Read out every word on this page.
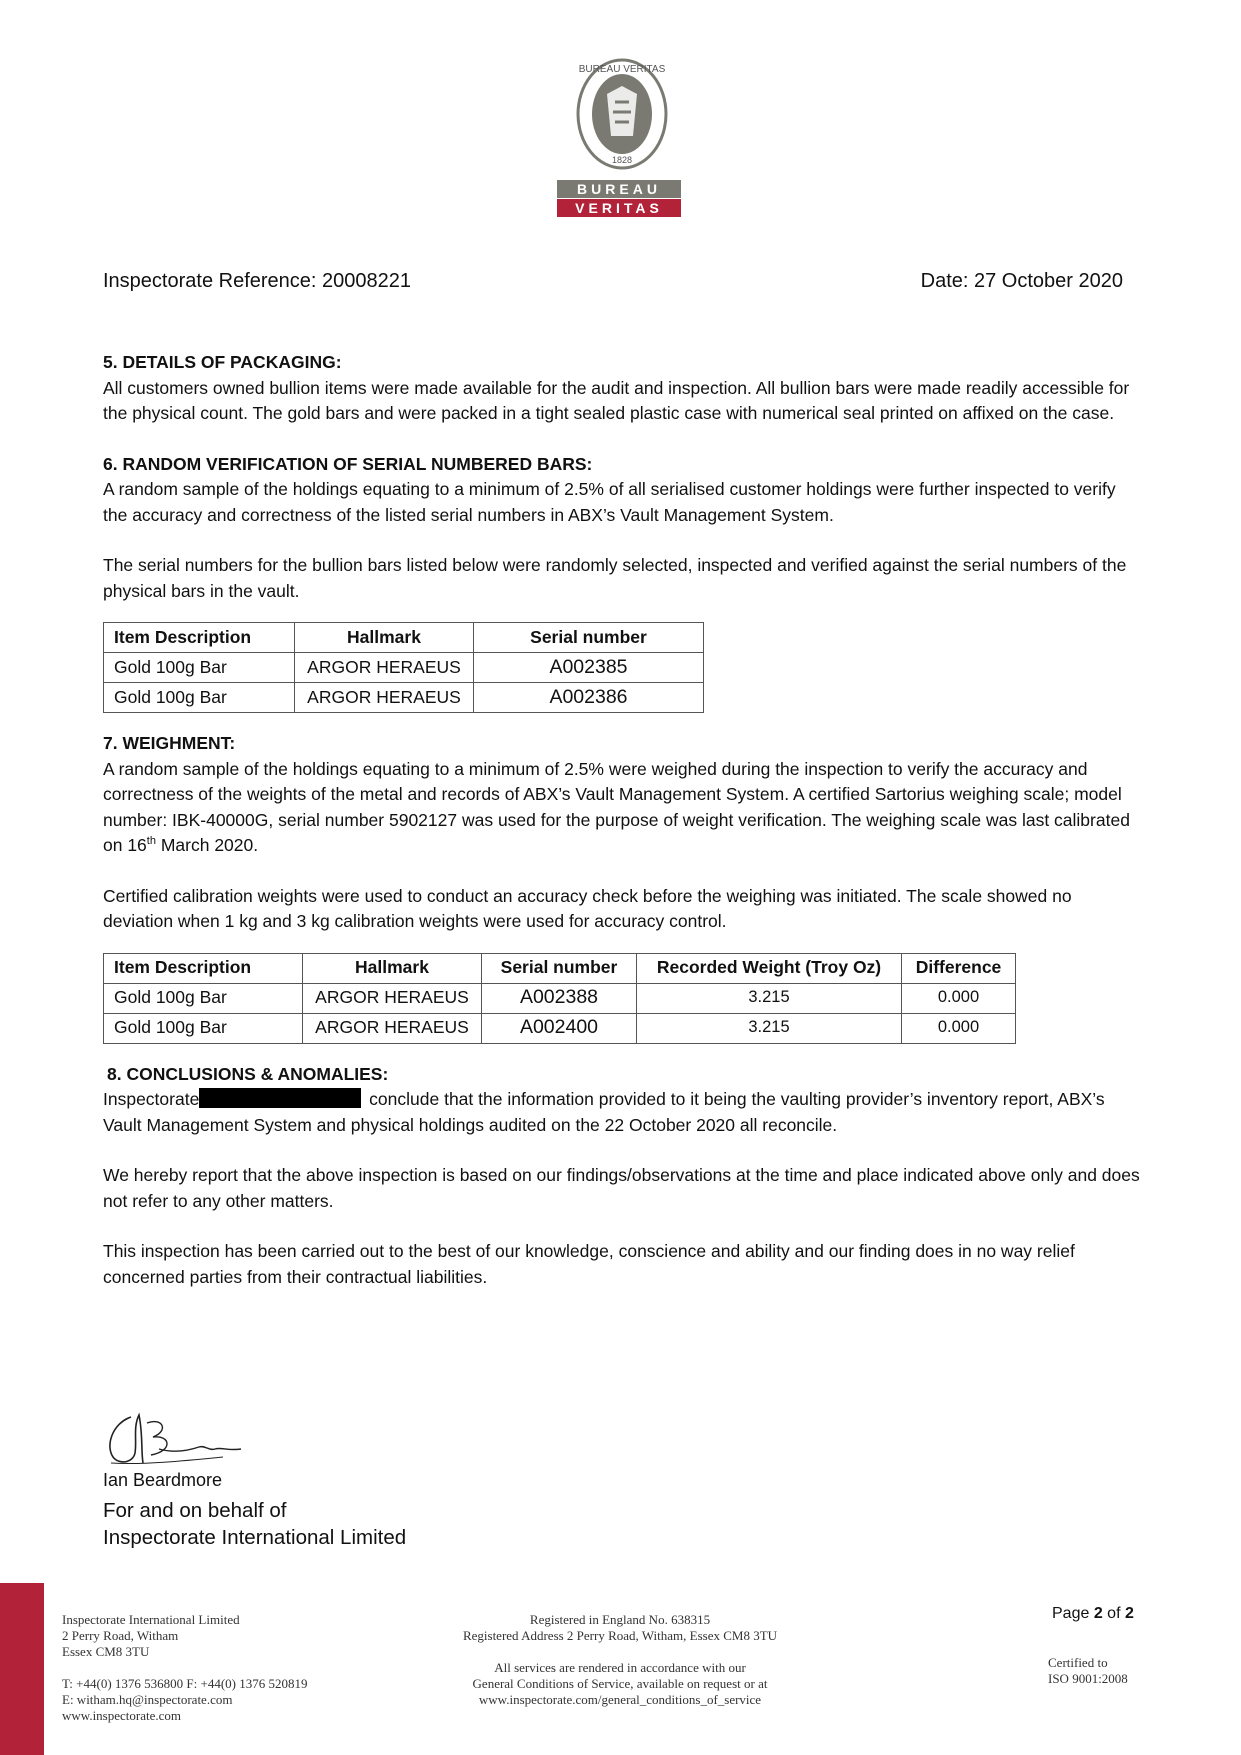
BUREAU VERITAS
1828
BUREAU
VERITAS
Inspectorate Reference: 20008221	Date: 27 October 2020
5. DETAILS OF PACKAGING:

All customers owned bullion items were made available for the audit and inspection. All bullion bars were made readily accessible for the physical count. The gold bars and were packed in a tight sealed plastic case with numerical seal printed on affixed on the case.

6. RANDOM VERIFICATION OF SERIAL NUMBERED BARS:

A random sample of the holdings equating to a minimum of 2.5% of all serialised customer holdings were further inspected to verify the accuracy and correctness of the listed serial numbers in ABX’s Vault Management System.

The serial numbers for the bullion bars listed below were randomly selected, inspected and verified against the serial numbers of the physical bars in the vault.

Item Description	Hallmark	Serial number
Gold 100g Bar	ARGOR HERAEUS	A002385
Gold 100g Bar	ARGOR HERAEUS	A002386
7. WEIGHMENT:

A random sample of the holdings equating to a minimum of 2.5% were weighed during the inspection to verify the accuracy and correctness of the weights of the metal and records of ABX’s Vault Management System. A certified Sartorius weighing scale; model number: IBK-40000G, serial number 5902127 was used for the purpose of weight verification. The weighing scale was last calibrated on 16th March 2020.

Certified calibration weights were used to conduct an accuracy check before the weighing was initiated. The scale showed no deviation when 1 kg and 3 kg calibration weights were used for accuracy control.

Item Description	Hallmark	Serial number	Recorded Weight (Troy Oz)	Difference
Gold 100g Bar	ARGOR HERAEUS	A002388	3.215	0.000
Gold 100g Bar	ARGOR HERAEUS	A002400	3.215	0.000
8. CONCLUSIONS & ANOMALIES:

Inspectorate	conclude that the information provided to it being the vaulting provider’s inventory report, ABX’s Vault Management System and physical holdings audited on the 22 October 2020 all reconcile.

We hereby report that the above inspection is based on our findings/observations at the time and place indicated above only and does not refer to any other matters.

This inspection has been carried out to the best of our knowledge, conscience and ability and our finding does in no way relief concerned parties from their contractual liabilities.

Ian Beardmore
For and on behalf of
Inspectorate International Limited
Inspectorate International Limited
2 Perry Road, Witham
Essex CM8 3TU
T: +44(0) 1376 536800 F: +44(0) 1376 520819
E: witham.hq@inspectorate.com
www.inspectorate.com
Registered in England No. 638315
Registered Address 2 Perry Road, Witham, Essex CM8 3TU
All services are rendered in accordance with our
General Conditions of Service, available on request or at
www.inspectorate.com/general_conditions_of_service
Page 2 of 2
Certified to
ISO 9001:2008
